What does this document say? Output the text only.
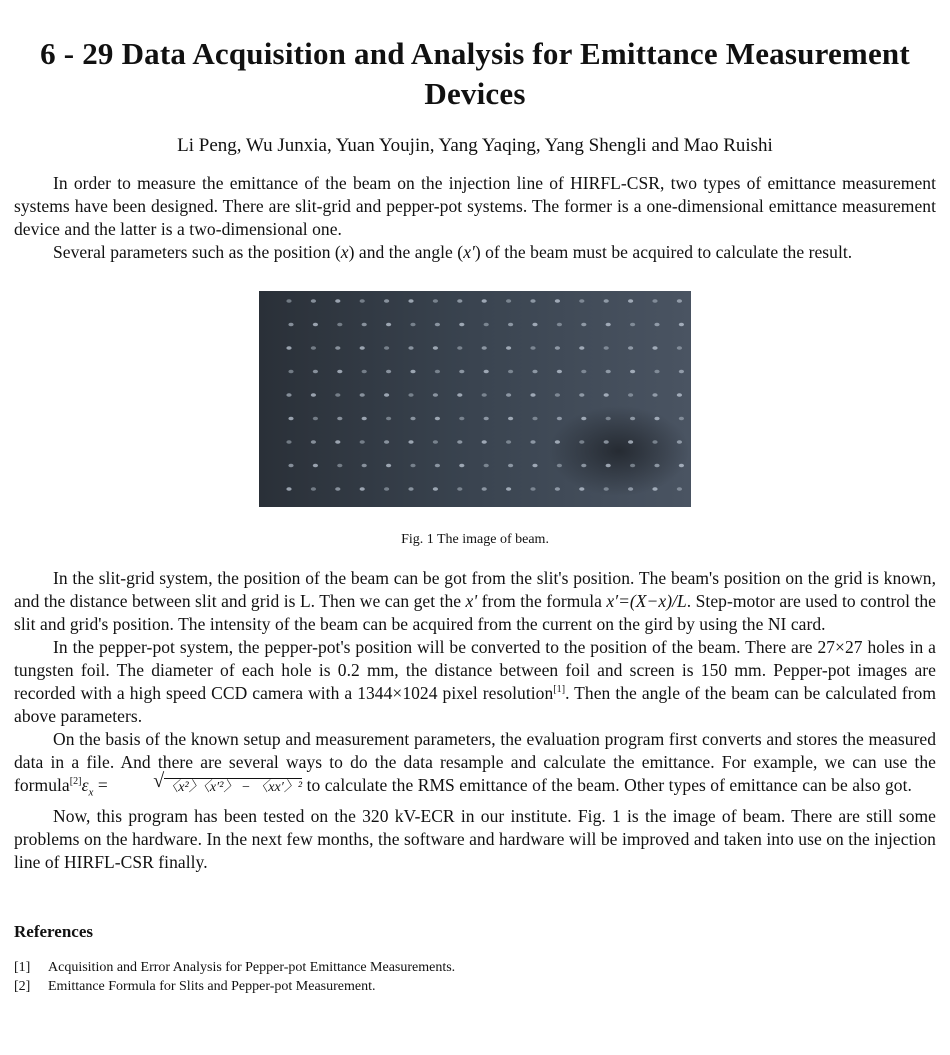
6 - 29 Data Acquisition and Analysis for Emittance Measurement Devices
Li Peng, Wu Junxia, Yuan Youjin, Yang Yaqing, Yang Shengli and Mao Ruishi

In order to measure the emittance of the beam on the injection line of HIRFL-CSR, two types of emittance measurement systems have been designed. There are slit-grid and pepper-pot systems. The former is a one-dimensional emittance measurement device and the latter is a two-dimensional one.

Several parameters such as the position (x) and the angle (x') of the beam must be acquired to calculate the result.

Fig. 1 The image of beam.

In the slit-grid system, the position of the beam can be got from the slit's position. The beam's position on the grid is known, and the distance between slit and grid is L. Then we can get the x' from the formula x′=(X−x)/L. Step-motor are used to control the slit and grid's position. The intensity of the beam can be acquired from the current on the gird by using the NI card.

In the pepper-pot system, the pepper-pot's position will be converted to the position of the beam. There are 27×27 holes in a tungsten foil. The diameter of each hole is 0.2 mm, the distance between foil and screen is 150 mm. Pepper-pot images are recorded with a high speed CCD camera with a 1344×1024 pixel resolution[1]. Then the angle of the beam can be calculated from above parameters.

On the basis of the known setup and measurement parameters, the evaluation program first converts and stores the measured data in a file. And there are several ways to do the data resample and calculate the emittance. For example, we can use the $formula[2]\varepsilon_x$ =	√ 〈x²〉〈x′²〉 − 〈xx′〉² to calculate the RMS emittance of the beam. Other types of emittance can be also got.

Now, this program has been tested on the 320 kV-ECR in our institute. Fig. 1 is the image of beam. There are still some problems on the hardware. In the next few months, the software and hardware will be improved and taken into use on the injection line of HIRFL-CSR finally.

References
[1]	Acquisition and Error Analysis for Pepper-pot Emittance Measurements.
[2]	Emittance Formula for Slits and Pepper-pot Measurement.
